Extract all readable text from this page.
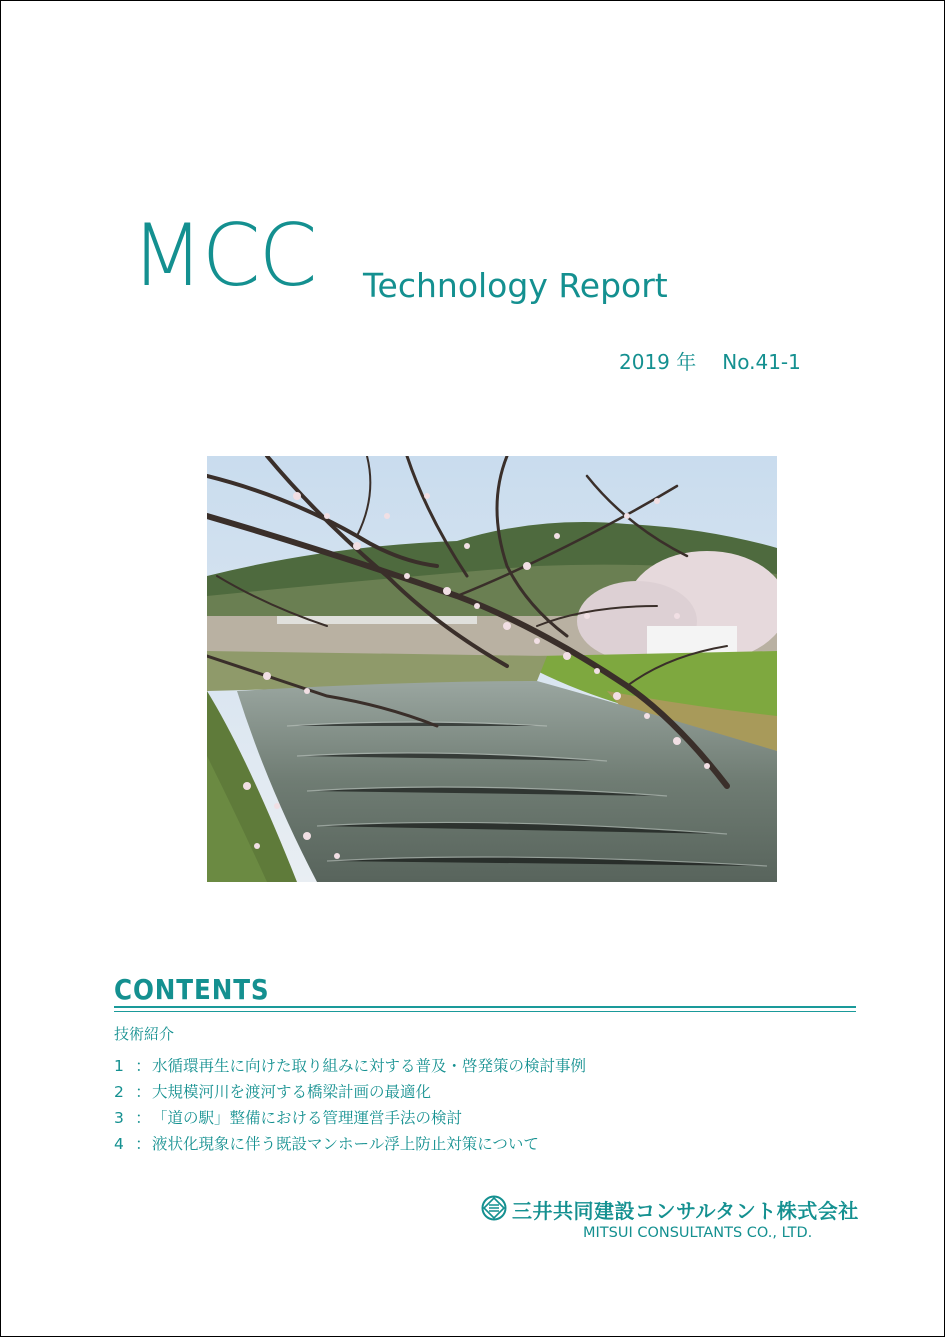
MCC Technology Report
2019 年 No.41-1
CONTENTS
技術紹介
1 ：水循環再生に向けた取り組みに対する普及・啓発策の検討事例
2 ：大規模河川を渡河する橋梁計画の最適化
3 ：「道の駅」整備における管理運営手法の検討
4 ：液状化現象に伴う既設マンホール浮上防止対策について
三井共同建設コンサルタント株式会社
MITSUI CONSULTANTS CO., LTD.
